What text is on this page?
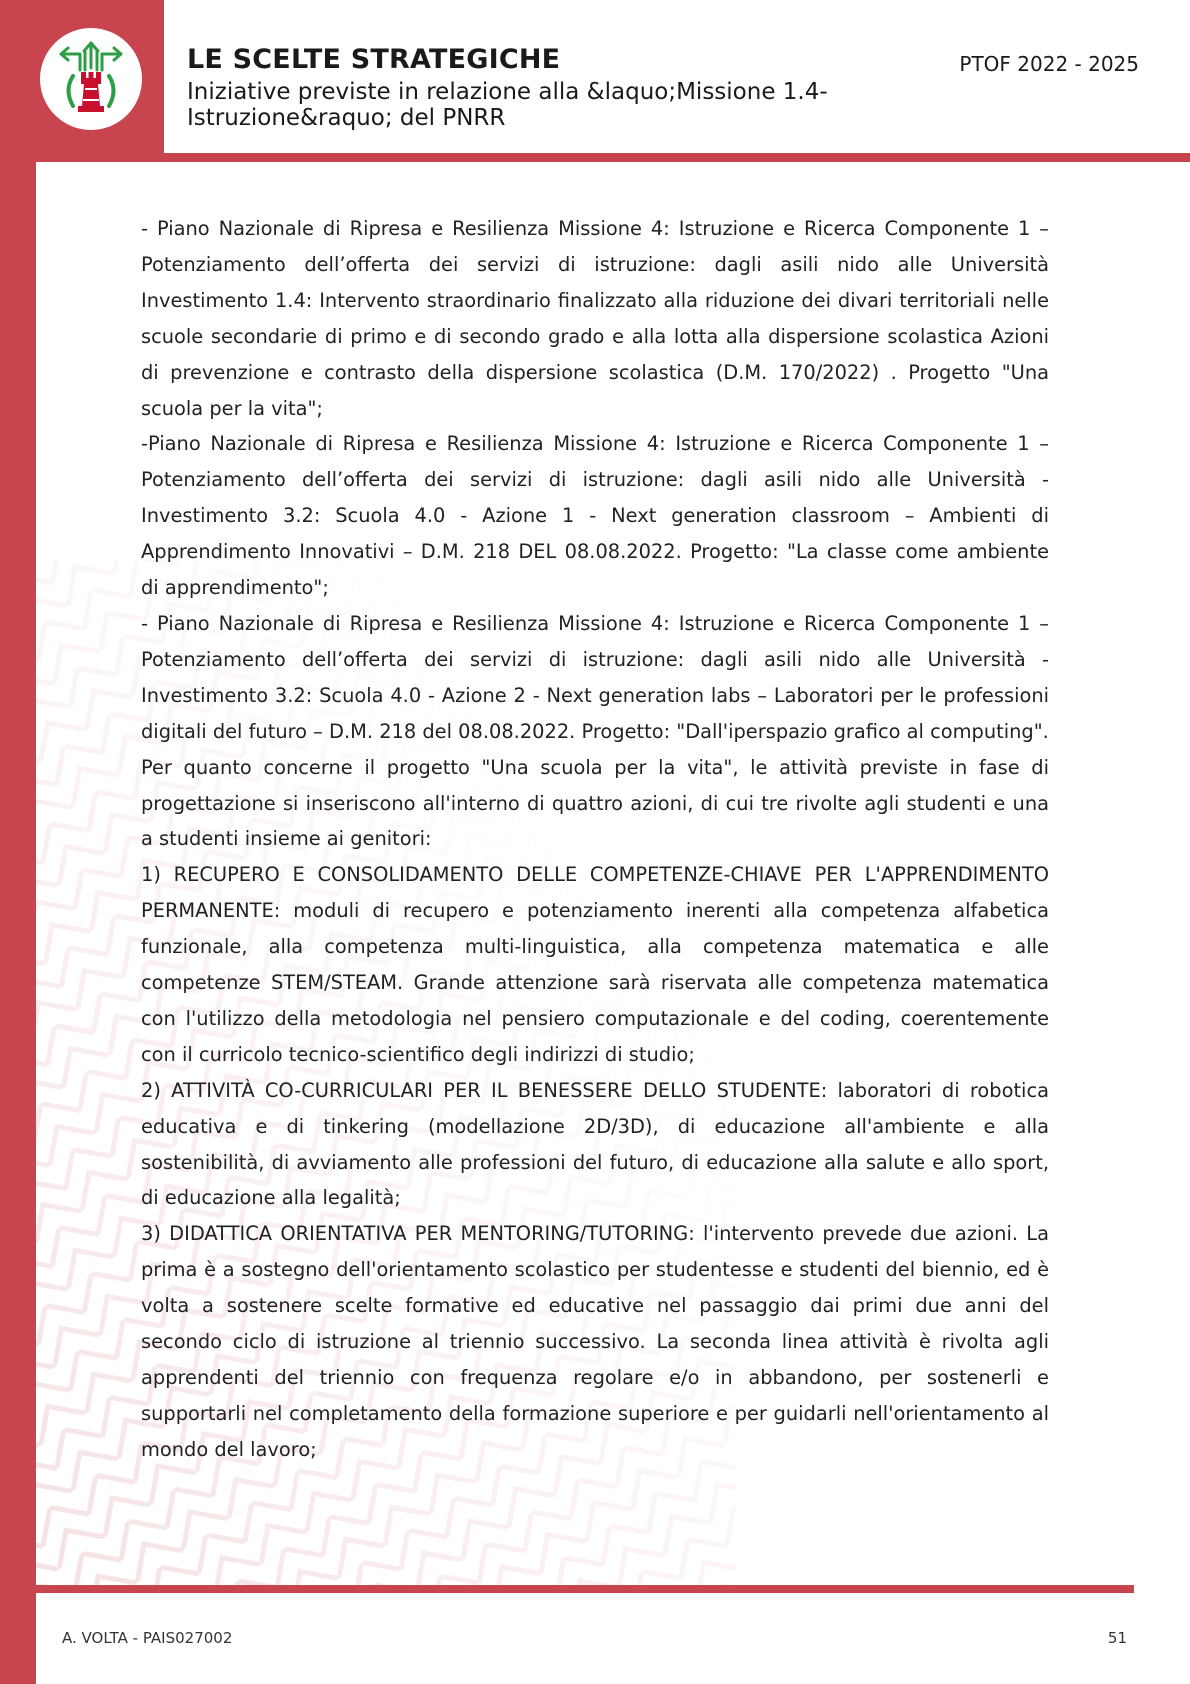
LE SCELTE STRATEGICHE
Iniziative previste in relazione alla &laquo;Missione 1.4-Istruzione&raquo; del PNRR
PTOF 2022 - 2025

- Piano Nazionale di Ripresa e Resilienza Missione 4: Istruzione e Ricerca Componente 1 – Potenziamento dell’offerta dei servizi di istruzione: dagli asili nido alle Università Investimento 1.4: Intervento straordinario finalizzato alla riduzione dei divari territoriali nelle scuole secondarie di primo e di secondo grado e alla lotta alla dispersione scolastica Azioni di prevenzione e contrasto della dispersione scolastica (D.M. 170/2022) . Progetto "Una scuola per la vita";

-Piano Nazionale di Ripresa e Resilienza Missione 4: Istruzione e Ricerca Componente 1 – Potenziamento dell’offerta dei servizi di istruzione: dagli asili nido alle Università - Investimento 3.2: Scuola 4.0 - Azione 1 - Next generation classroom – Ambienti di Apprendimento Innovativi – D.M. 218 DEL 08.08.2022. Progetto: "La classe come ambiente di apprendimento";

- Piano Nazionale di Ripresa e Resilienza Missione 4: Istruzione e Ricerca Componente 1 – Potenziamento dell’offerta dei servizi di istruzione: dagli asili nido alle Università - Investimento 3.2: Scuola 4.0 - Azione 2 - Next generation labs – Laboratori per le professioni digitali del futuro – D.M. 218 del 08.08.2022. Progetto: "Dall'iperspazio grafico al computing".

Per quanto concerne il progetto "Una scuola per la vita", le attività previste in fase di progettazione si inseriscono all'interno di quattro azioni, di cui tre rivolte agli studenti e una a studenti insieme ai genitori:

1) RECUPERO E CONSOLIDAMENTO DELLE COMPETENZE-CHIAVE PER L'APPRENDIMENTO PERMANENTE: moduli di recupero e potenziamento inerenti alla competenza alfabetica funzionale, alla competenza multi-linguistica, alla competenza matematica e alle competenze STEM/STEAM. Grande attenzione sarà riservata alle competenza matematica con l'utilizzo della metodologia nel pensiero computazionale e del coding, coerentemente con il curricolo tecnico-scientifico degli indirizzi di studio;

2) ATTIVITÀ CO-CURRICULARI PER IL BENESSERE DELLO STUDENTE: laboratori di robotica educativa e di tinkering (modellazione 2D/3D), di educazione all'ambiente e alla sostenibilità, di avviamento alle professioni del futuro, di educazione alla salute e allo sport, di educazione alla legalità;

3) DIDATTICA ORIENTATIVA PER MENTORING/TUTORING: l'intervento prevede due azioni. La prima è a sostegno dell'orientamento scolastico per studentesse e studenti del biennio, ed è volta a sostenere scelte formative ed educative nel passaggio dai primi due anni del secondo ciclo di istruzione al triennio successivo. La seconda linea attività è rivolta agli apprendenti del triennio con frequenza regolare e/o in abbandono, per sostenerli e supportarli nel completamento della formazione superiore e per guidarli nell'orientamento al mondo del lavoro;

A. VOLTA - PAIS027002	51
